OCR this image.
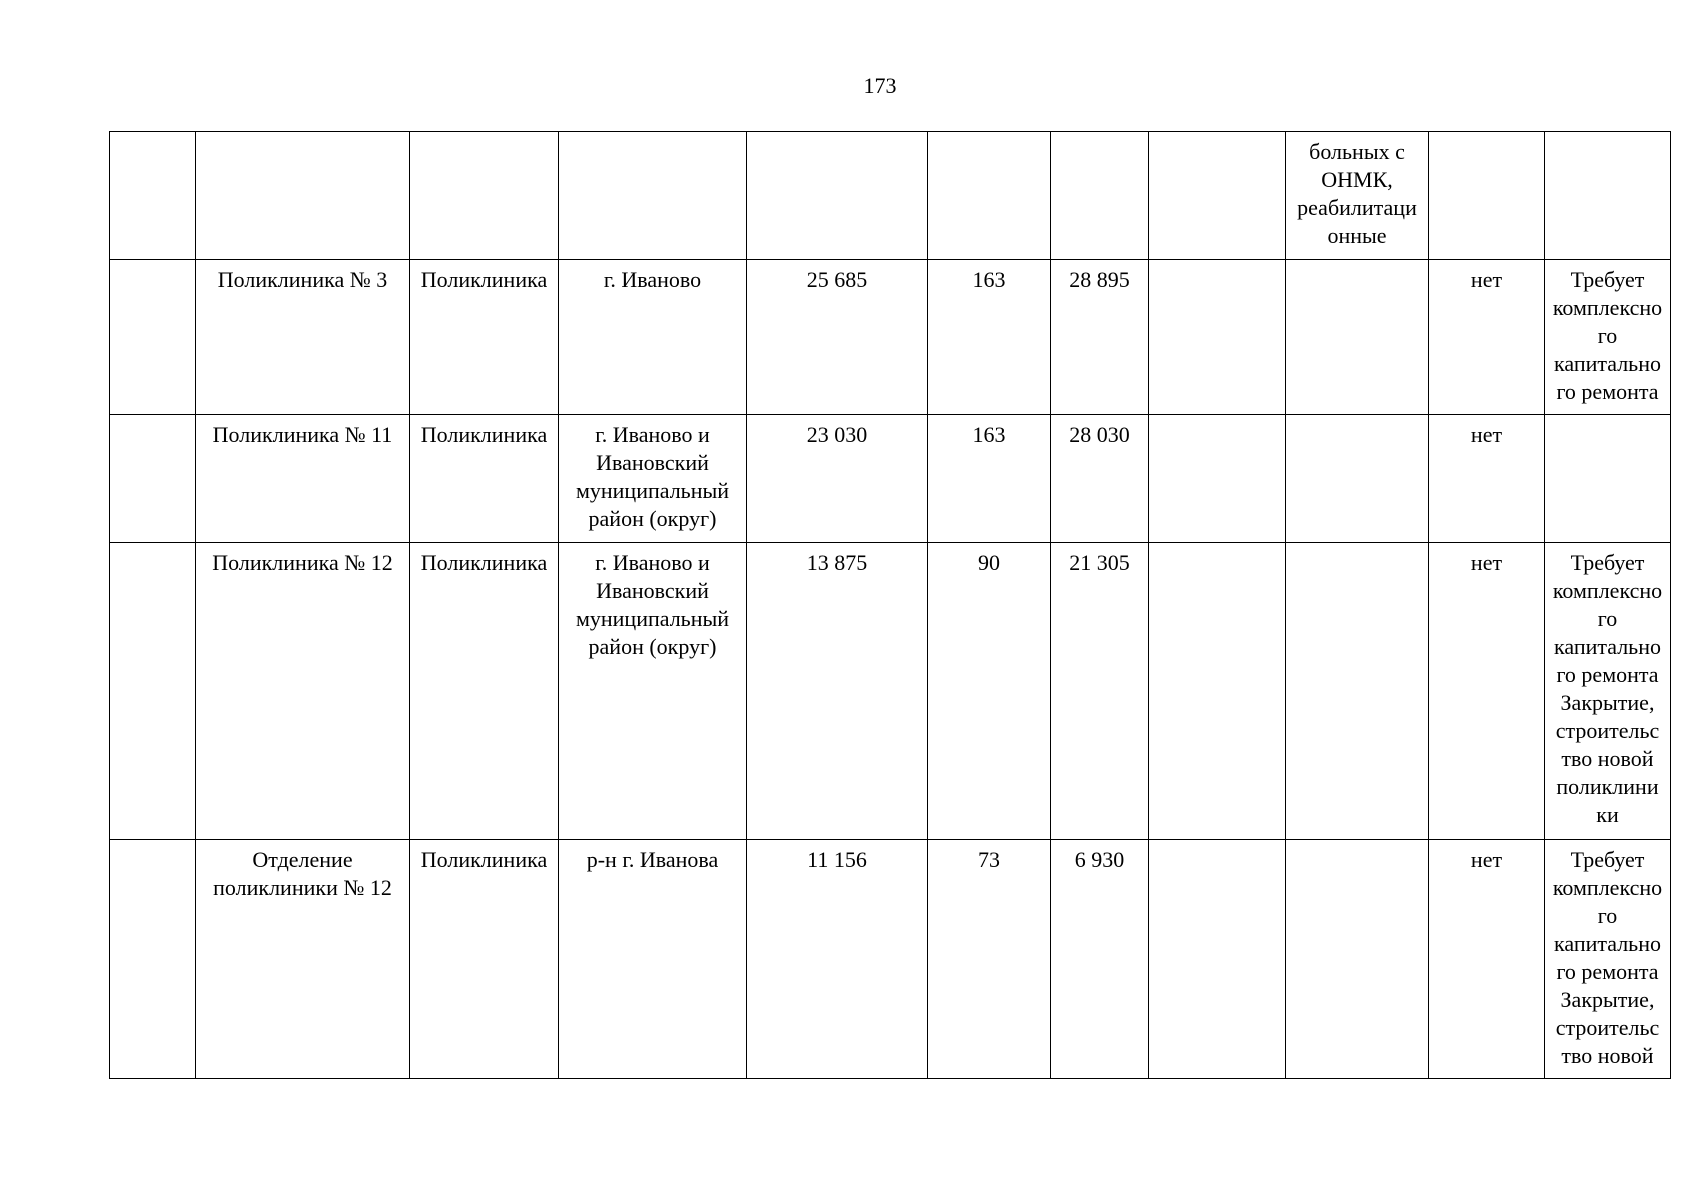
173
								больных с ОНМК, реабилитаци онные		
	Поликлиника № 3	Поликлиника	г. Иваново	25 685	163	28 895			нет	Требует комплексно го капитально го ремонта
	Поликлиника № 11	Поликлиника	г. Иваново и Ивановский муниципальный район (округ)	23 030	163	28 030			нет	
	Поликлиника № 12	Поликлиника	г. Иваново и Ивановский муниципальный район (округ)	13 875	90	21 305			нет	Требует комплексно го капитально го ремонта Закрытие, строительс тво новой поликлини ки
	Отделение поликлиники № 12	Поликлиника	р-н г. Иванова	11 156	73	6 930			нет	Требует комплексно го капитально го ремонта Закрытие, строительс тво новой
